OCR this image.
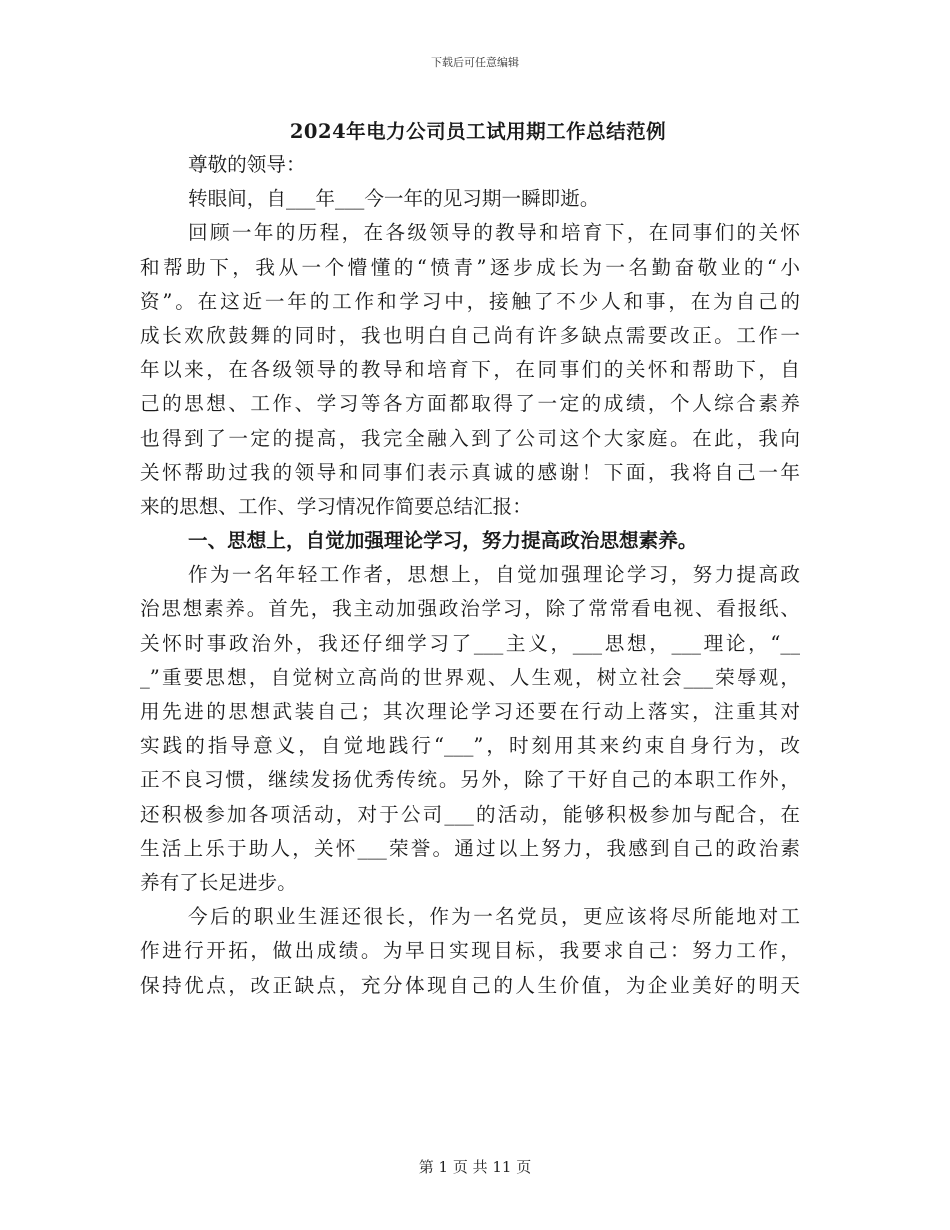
下载后可任意编辑
2024年电力公司员工试用期工作总结范例
尊敬的领导：
转眼间，自___年___今一年的见习期一瞬即逝。
回顾一年的历程，在各级领导的教导和培育下，在同事们的关怀
和帮助下，我从一个懵懂的“愤青”逐步成长为一名勤奋敬业的“小
资”。在这近一年的工作和学习中，接触了不少人和事，在为自己的
成长欢欣鼓舞的同时，我也明白自己尚有许多缺点需要改正。工作一
年以来，在各级领导的教导和培育下，在同事们的关怀和帮助下，自
己的思想、工作、学习等各方面都取得了一定的成绩，个人综合素养
也得到了一定的提高，我完全融入到了公司这个大家庭。在此，我向
关怀帮助过我的领导和同事们表示真诚的感谢！下面，我将自己一年
来的思想、工作、学习情况作简要总结汇报：
一、思想上，自觉加强理论学习，努力提高政治思想素养。
作为一名年轻工作者，思想上，自觉加强理论学习，努力提高政
治思想素养。首先，我主动加强政治学习，除了常常看电视、看报纸、
关怀时事政治外，我还仔细学习了___主义，___思想，___理论，“__
_”重要思想，自觉树立高尚的世界观、人生观，树立社会___荣辱观，
用先进的思想武装自己；其次理论学习还要在行动上落实，注重其对
实践的指导意义，自觉地践行“___”，时刻用其来约束自身行为，改
正不良习惯，继续发扬优秀传统。另外，除了干好自己的本职工作外，
还积极参加各项活动，对于公司___的活动，能够积极参加与配合，在
生活上乐于助人，关怀___荣誉。通过以上努力，我感到自己的政治素
养有了长足进步。
今后的职业生涯还很长，作为一名党员，更应该将尽所能地对工
作进行开拓，做出成绩。为早日实现目标，我要求自己：努力工作，
保持优点，改正缺点，充分体现自己的人生价值，为企业美好的明天
第 1 页 共 11 页
